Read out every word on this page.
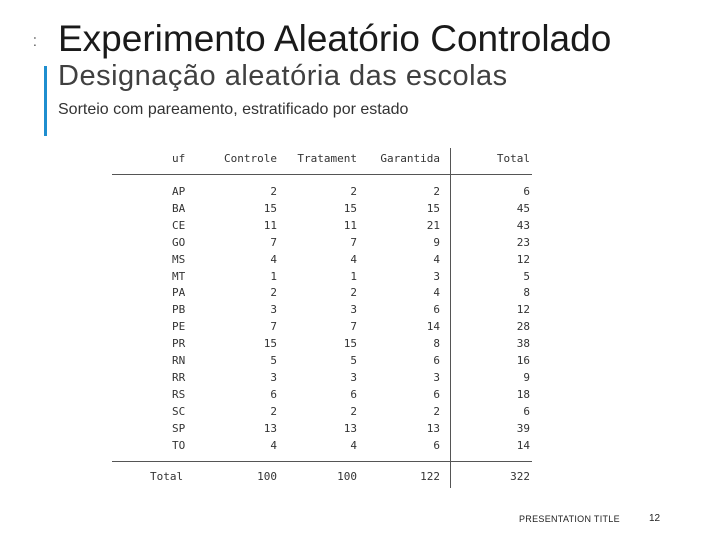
⁚ Experimento Aleatório Controlado
Designação aleatória das escolas
Sorteio com pareamento, estratificado por estado
uf	Controle	Tratament	Garantida	Total
AP	2	2	2	6
BA	15	15	15	45
CE	11	11	21	43
GO	7	7	9	23
MS	4	4	4	12
MT	1	1	3	5
PA	2	2	4	8
PB	3	3	6	12
PE	7	7	14	28
PR	15	15	8	38
RN	5	5	6	16
RR	3	3	3	9
RS	6	6	6	18
SC	2	2	2	6
SP	13	13	13	39
TO	4	4	6	14
Total	100	100	122	322
PRESENTATION TITLE	12
